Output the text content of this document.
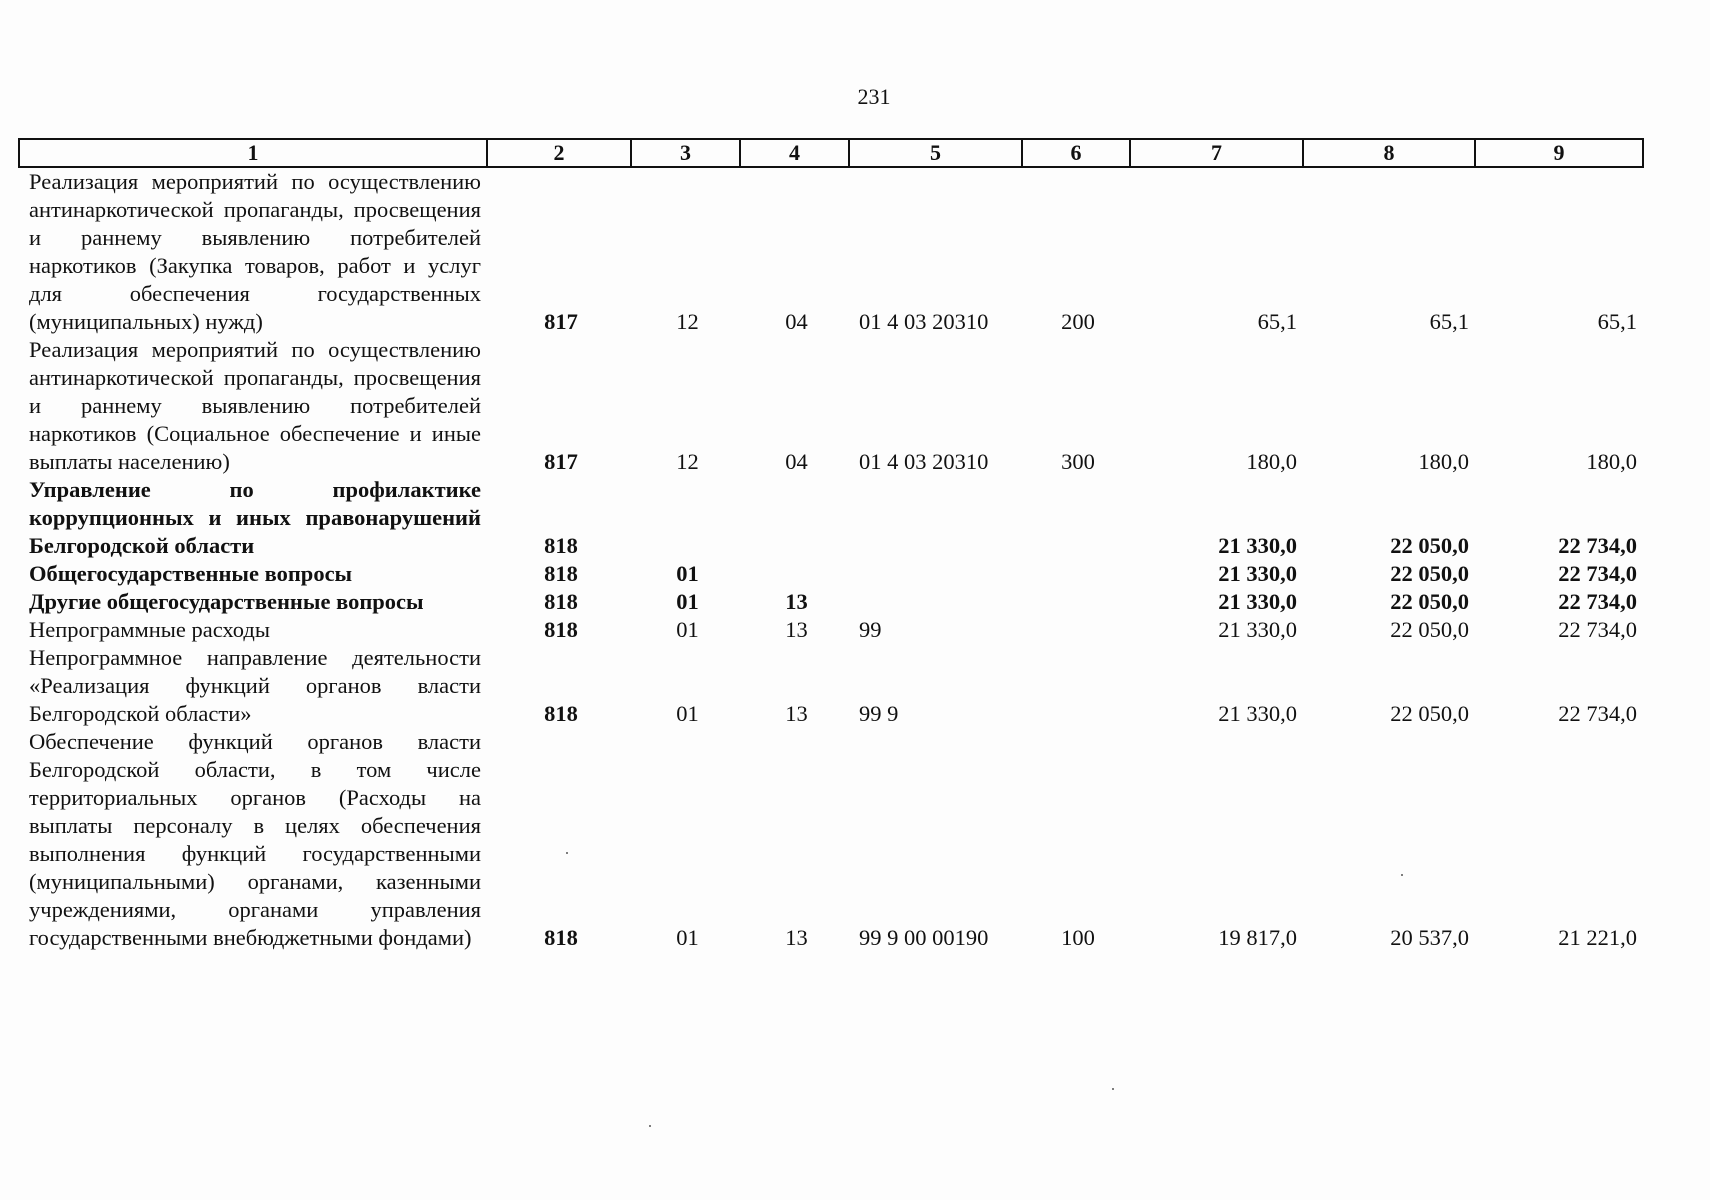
231
1	2	3	4	5	6	7	8	9
Реализация мероприятий по осуществлению антинаркотической пропаганды, просвещения и раннему выявлению потребителей наркотиков (Закупка товаров, работ и услуг для обеспечения государственных (муниципальных) нужд)	817	12	04	01 4 03 20310	200	65,1	65,1	65,1
Реализация мероприятий по осуществлению антинаркотической пропаганды, просвещения и раннему выявлению потребителей наркотиков (Социальное обеспечение и иные выплаты населению)	817	12	04	01 4 03 20310	300	180,0	180,0	180,0
Управление по профилактике коррупционных и иных правонарушений Белгородской области	818					21 330,0	22 050,0	22 734,0
Общегосударственные вопросы	818	01				21 330,0	22 050,0	22 734,0
Другие общегосударственные вопросы	818	01	13			21 330,0	22 050,0	22 734,0
Непрограммные расходы	818	01	13	99		21 330,0	22 050,0	22 734,0
Непрограммное направление деятельности «Реализация функций органов власти Белгородской области»	818	01	13	99 9		21 330,0	22 050,0	22 734,0
Обеспечение функций органов власти Белгородской области, в том числе территориальных органов (Расходы на выплаты персоналу в целях обеспечения выполнения функций государственными (муниципальными) органами, казенными учреждениями, органами управления государственными внебюджетными фондами)	818	01	13	99 9 00 00190	100	19 817,0	20 537,0	21 221,0
